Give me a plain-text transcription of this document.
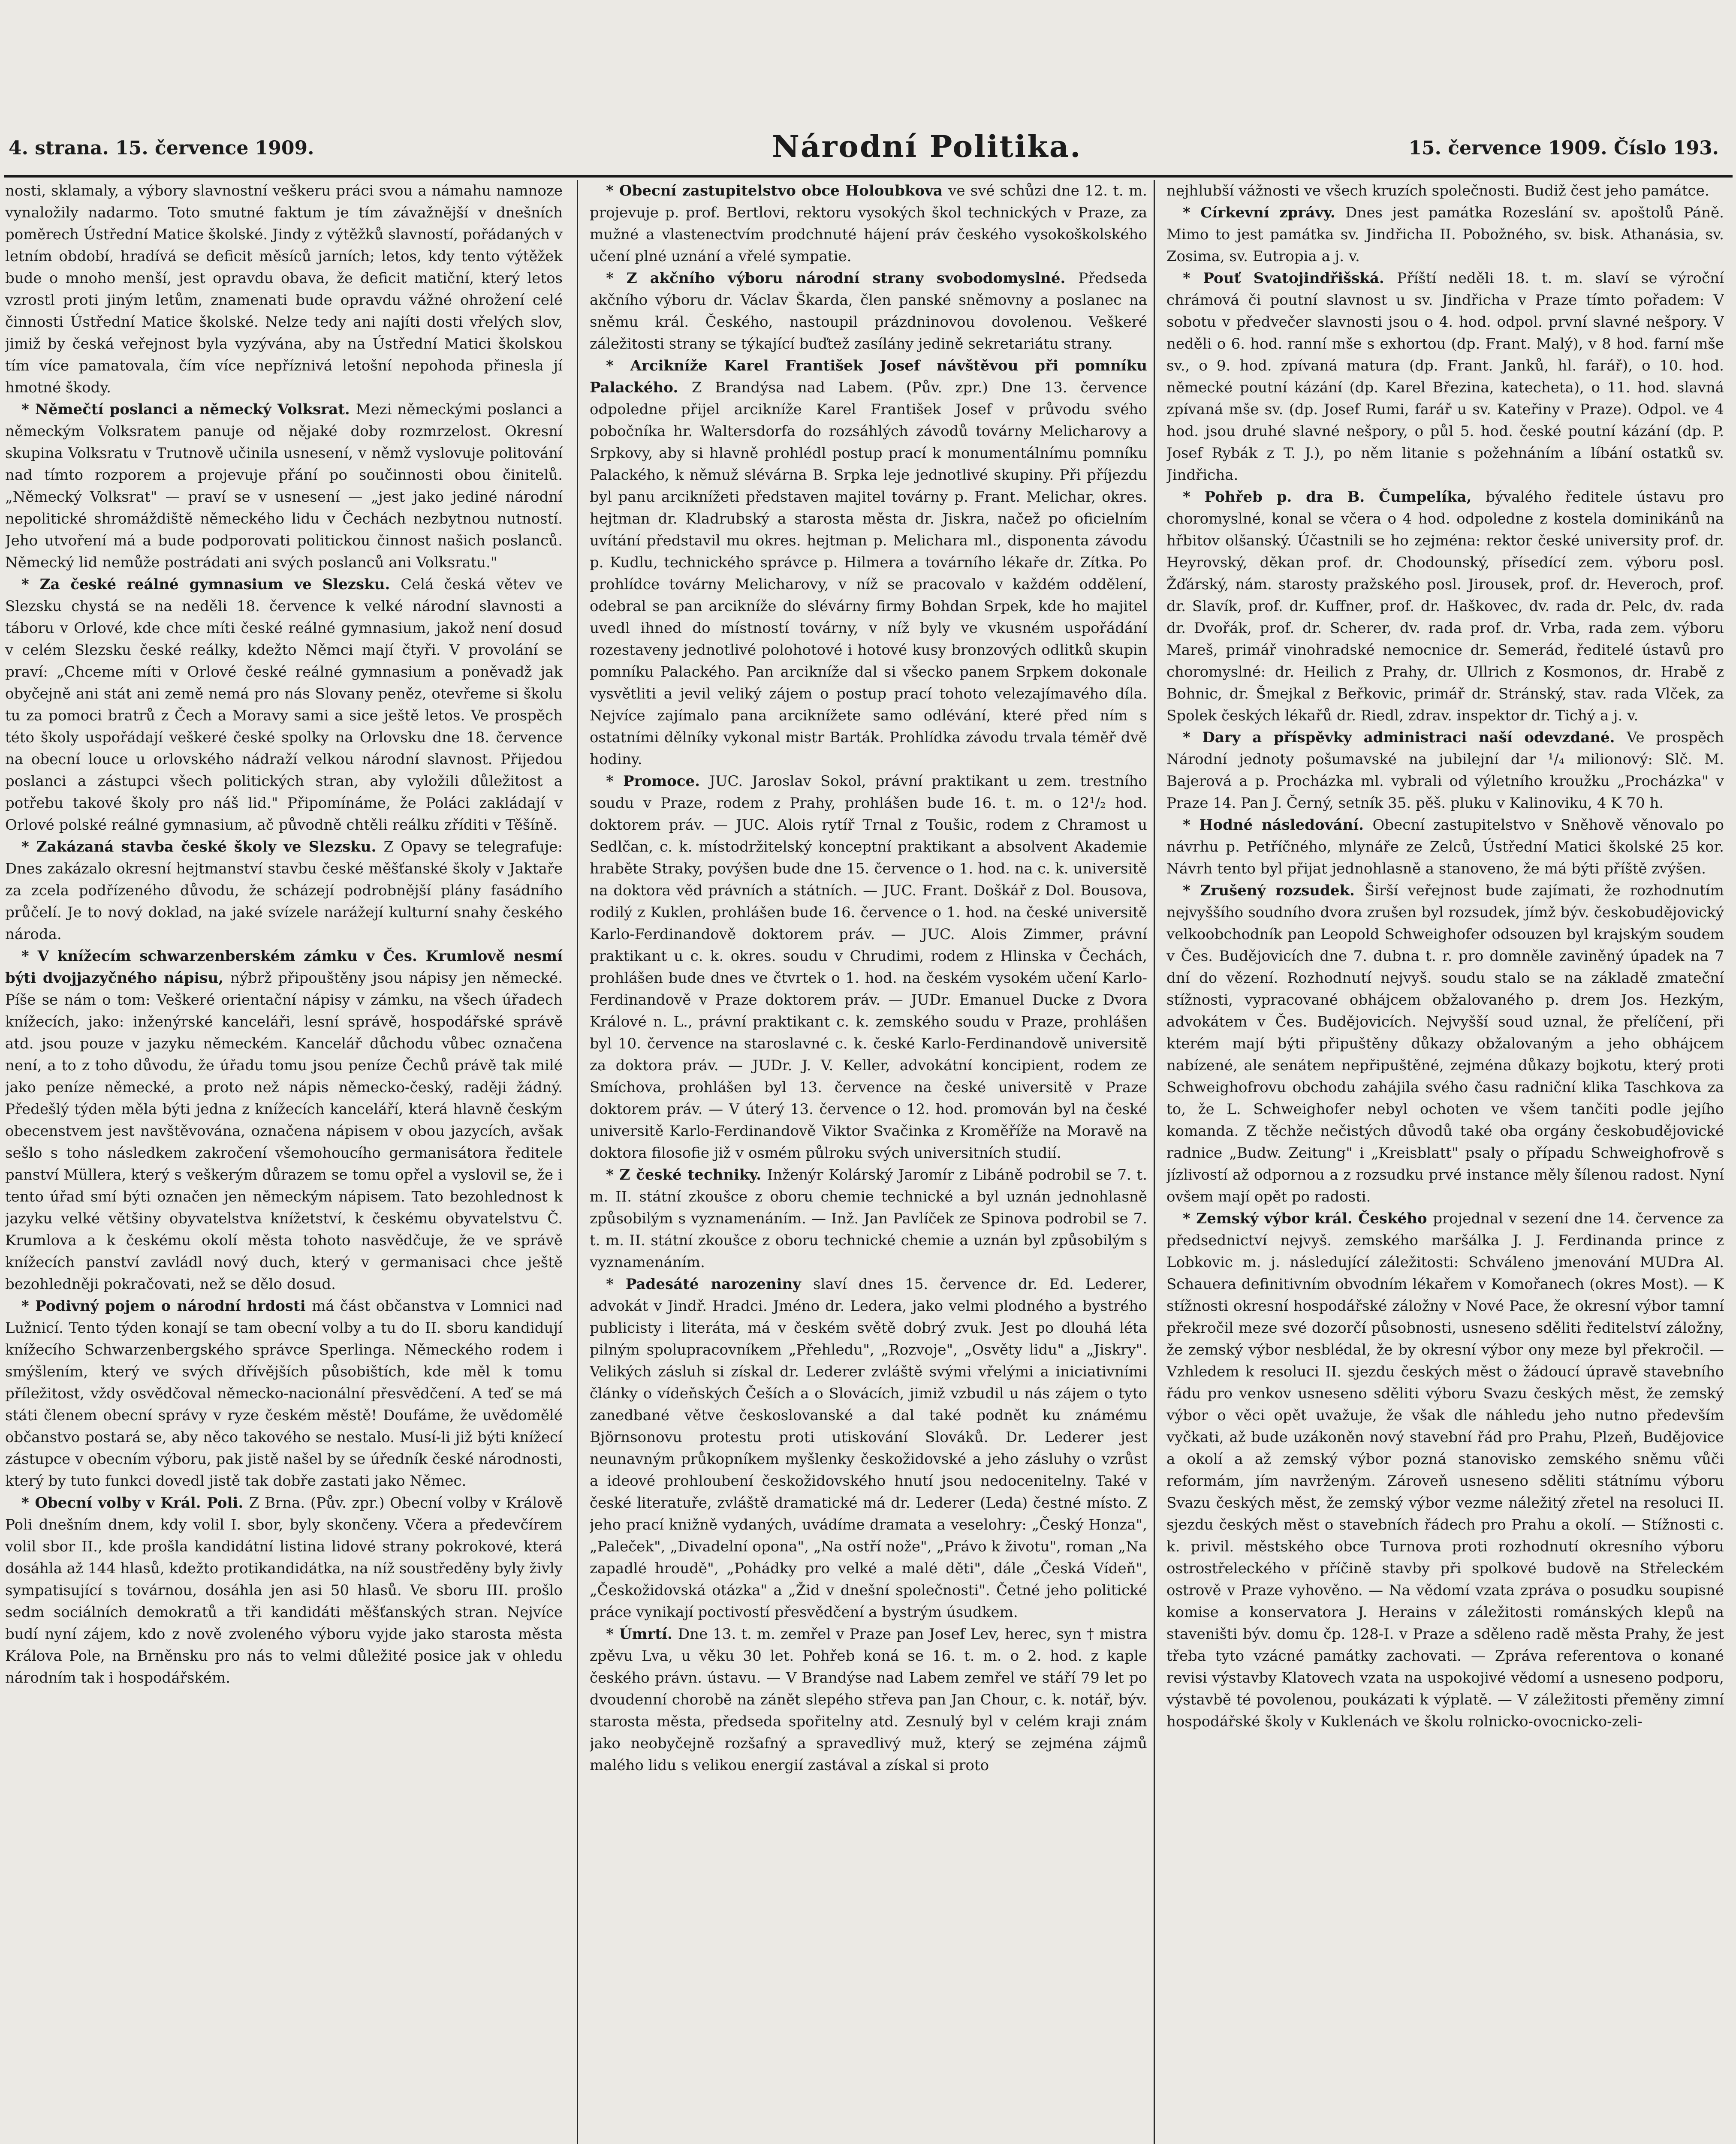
4. strana. 15. července 1909.	Národní Politika.	15. července 1909. Číslo 193.

nosti, sklamaly, a výbory slavnostní veškeru práci svou a námahu namnoze vynaložily nadarmo. Toto smutné faktum je tím závažnější v dnešních poměrech Ústřední Matice školské. Jindy z výtěžků slavností, pořádaných v letním období, hradívá se deficit měsíců jarních; letos, kdy tento výtěžek bude o mnoho menší, jest opravdu obava, že deficit matiční, který letos vzrostl proti jiným letům, znamenati bude opravdu vážné ohrožení celé činnosti Ústřední Matice školské. Nelze tedy ani najíti dosti vřelých slov, jimiž by česká veřejnost byla vyzývána, aby na Ústřední Matici školskou tím více pamatovala, čím více nepříznivá letošní nepohoda přinesla jí hmotné škody.

* Němečtí poslanci a německý Volksrat. Mezi německými poslanci a německým Volksratem panuje od nějaké doby rozmrzelost. Okresní skupina Volksratu v Trutnově učinila usnesení, v němž vyslovuje politování nad tímto rozporem a projevuje přání po součinnosti obou činitelů. „Německý Volksrat" — praví se v usnesení — „jest jako jediné národní nepolitické shromáždiště německého lidu v Čechách nezbytnou nutností. Jeho utvoření má a bude podporovati politickou činnost našich poslanců. Německý lid nemůže postrádati ani svých poslanců ani Volksratu."

* Za české reálné gymnasium ve Slezsku. Celá česká větev ve Slezsku chystá se na neděli 18. července k velké národní slavnosti a táboru v Orlové, kde chce míti české reálné gymnasium, jakož není dosud v celém Slezsku české reálky, kdežto Němci mají čtyři. V provolání se praví: „Chceme míti v Orlové české reálné gymnasium a poněvadž jak obyčejně ani stát ani země nemá pro nás Slovany peněz, otevřeme si školu tu za pomoci bratrů z Čech a Moravy sami a sice ještě letos. Ve prospěch této školy uspořádají veškeré české spolky na Orlovsku dne 18. července na obecní louce u orlovského nádraží velkou národní slavnost. Přijedou poslanci a zástupci všech politických stran, aby vyložili důležitost a potřebu takové školy pro náš lid." Připomínáme, že Poláci zakládají v Orlové polské reálné gymnasium, ač původně chtěli reálku zříditi v Těšíně.

* Zakázaná stavba české školy ve Slezsku. Z Opavy se telegrafuje: Dnes zakázalo okresní hejtmanství stavbu české měšťanské školy v Jaktaře za zcela podřízeného důvodu, že scházejí podrobnější plány fasádního průčelí. Je to nový doklad, na jaké svízele narážejí kulturní snahy českého národa.

* V knížecím schwarzenberském zámku v Čes. Krumlově nesmí býti dvojjazyčného nápisu, nýbrž připouštěny jsou nápisy jen německé. Píše se nám o tom: Veškeré orientační nápisy v zámku, na všech úřadech knížecích, jako: inženýrské kanceláři, lesní správě, hospodářské správě atd. jsou pouze v jazyku německém. Kancelář důchodu vůbec označena není, a to z toho důvodu, že úřadu tomu jsou peníze Čechů právě tak milé jako peníze německé, a proto než nápis německo-český, raději žádný. Předešlý týden měla býti jedna z knížecích kanceláří, která hlavně českým obecenstvem jest navštěvována, označena nápisem v obou jazycích, avšak sešlo s toho následkem zakročení všemohoucího germanisátora ředitele panství Müllera, který s veškerým důrazem se tomu opřel a vyslovil se, že i tento úřad smí býti označen jen německým nápisem. Tato bezohlednost k jazyku velké většiny obyvatelstva knížetství, k českému obyvatelstvu Č. Krumlova a k českému okolí města tohoto nasvědčuje, že ve správě knížecích panství zavládl nový duch, který v germanisaci chce ještě bezohledněji pokračovati, než se dělo dosud.

* Podivný pojem o národní hrdosti má část občanstva v Lomnici nad Lužnicí. Tento týden konají se tam obecní volby a tu do II. sboru kandidují knížecího Schwarzenbergského správce Sperlinga. Německého rodem i smýšlením, který ve svých dřívějších působištích, kde měl k tomu příležitost, vždy osvědčoval německo-nacionální přesvědčení. A teď se má státi členem obecní správy v ryze českém městě! Doufáme, že uvědomělé občanstvo postará se, aby něco takového se nestalo. Musí-li již býti knížecí zástupce v obecním výboru, pak jistě našel by se úředník české národnosti, který by tuto funkci dovedl jistě tak dobře zastati jako Němec.

* Obecní volby v Král. Poli. Z Brna. (Pův. zpr.) Obecní volby v Králově Poli dnešním dnem, kdy volil I. sbor, byly skončeny. Včera a předevčírem volil sbor II., kde prošla kandidátní listina lidové strany pokrokové, která dosáhla až 144 hlasů, kdežto protikandidátka, na níž soustředěny byly živly sympatisující s továrnou, dosáhla jen asi 50 hlasů. Ve sboru III. prošlo sedm sociálních demokratů a tři kandidáti měšťanských stran. Nejvíce budí nyní zájem, kdo z nově zvoleného výboru vyjde jako starosta města Králova Pole, na Brněnsku pro nás to velmi důležité posice jak v ohledu národním tak i hospodářském.

* Obecní zastupitelstvo obce Holoubkova ve své schůzi dne 12. t. m. projevuje p. prof. Bertlovi, rektoru vysokých škol technických v Praze, za mužné a vlastenectvím prodchnuté hájení práv českého vysokoškolského učení plné uznání a vřelé sympatie.

* Z akčního výboru národní strany svobodomyslné. Předseda akčního výboru dr. Václav Škarda, člen panské sněmovny a poslanec na sněmu král. Českého, nastoupil prázdninovou dovolenou. Veškeré záležitosti strany se týkající buďtež zasílány jedině sekretariátu strany.

* Arcikníže Karel František Josef návštěvou při pomníku Palackého. Z Brandýsa nad Labem. (Pův. zpr.) Dne 13. července odpoledne přijel arcikníže Karel František Josef v průvodu svého pobočníka hr. Waltersdorfa do rozsáhlých závodů továrny Melicharovy a Srpkovy, aby si hlavně prohlédl postup prací k monumentálnímu pomníku Palackého, k němuž slévárna B. Srpka leje jednotlivé skupiny. Při příjezdu byl panu arciknížeti představen majitel továrny p. Frant. Melichar, okres. hejtman dr. Kladrubský a starosta města dr. Jiskra, načež po oficielním uvítání představil mu okres. hejtman p. Melichara ml., disponenta závodu p. Kudlu, technického správce p. Hilmera a továrního lékaře dr. Zítka. Po prohlídce továrny Melicharovy, v níž se pracovalo v každém oddělení, odebral se pan arcikníže do slévárny firmy Bohdan Srpek, kde ho majitel uvedl ihned do místností továrny, v níž byly ve vkusném uspořádání rozestaveny jednotlivé polohotové i hotové kusy bronzových odlitků skupin pomníku Palackého. Pan arcikníže dal si všecko panem Srpkem dokonale vysvětliti a jevil veliký zájem o postup prací tohoto velezajímavého díla. Nejvíce zajímalo pana arciknížete samo odlévání, které před ním s ostatními dělníky vykonal mistr Barták. Prohlídka závodu trvala téměř dvě hodiny.

* Promoce. JUC. Jaroslav Sokol, právní praktikant u zem. trestního soudu v Praze, rodem z Prahy, prohlášen bude 16. t. m. o 12¹/₂ hod. doktorem práv. — JUC. Alois rytíř Trnal z Toušic, rodem z Chramost u Sedlčan, c. k. místodržitelský konceptní praktikant a absolvent Akademie hraběte Straky, povýšen bude dne 15. července o 1. hod. na c. k. universitě na doktora věd právních a státních. — JUC. Frant. Doškář z Dol. Bousova, rodilý z Kuklen, prohlášen bude 16. července o 1. hod. na české universitě Karlo-Ferdinandově doktorem práv. — JUC. Alois Zimmer, právní praktikant u c. k. okres. soudu v Chrudimi, rodem z Hlinska v Čechách, prohlášen bude dnes ve čtvrtek o 1. hod. na českém vysokém učení Karlo-Ferdinandově v Praze doktorem práv. — JUDr. Emanuel Ducke z Dvora Králové n. L., právní praktikant c. k. zemského soudu v Praze, prohlášen byl 10. července na staroslavné c. k. české Karlo-Ferdinandově universitě za doktora práv. — JUDr. J. V. Keller, advokátní koncipient, rodem ze Smíchova, prohlášen byl 13. července na české universitě v Praze doktorem práv. — V úterý 13. července o 12. hod. promován byl na české universitě Karlo-Ferdinandově Viktor Svačinka z Kroměříže na Moravě na doktora filosofie již v osmém půlroku svých universitních studií.

* Z české techniky. Inženýr Kolárský Jaromír z Libáně podrobil se 7. t. m. II. státní zkoušce z oboru chemie technické a byl uznán jednohlasně způsobilým s vyznamenáním. — Inž. Jan Pavlíček ze Spinova podrobil se 7. t. m. II. státní zkoušce z oboru technické chemie a uznán byl způsobilým s vyznamenáním.

* Padesáté narozeniny slaví dnes 15. července dr. Ed. Lederer, advokát v Jindř. Hradci. Jméno dr. Ledera, jako velmi plodného a bystrého publicisty i literáta, má v českém světě dobrý zvuk. Jest po dlouhá léta pilným spolupracovníkem „Přehledu", „Rozvoje", „Osvěty lidu" a „Jiskry". Velikých zásluh si získal dr. Lederer zvláště svými vřelými a iniciativními články o vídeňských Češích a o Slovácích, jimiž vzbudil u nás zájem o tyto zanedbané větve českoslovanské a dal také podnět ku známému Björnsonovu protestu proti utiskování Slováků. Dr. Lederer jest neunavným průkopníkem myšlenky českožidovské a jeho zásluhy o vzrůst a ideové prohloubení českožidovského hnutí jsou nedocenitelny. Také v české literatuře, zvláště dramatické má dr. Lederer (Leda) čestné místo. Z jeho prací knižně vydaných, uvádíme dramata a veselohry: „Český Honza", „Paleček", „Divadelní opona", „Na ostří nože", „Právo k životu", roman „Na zapadlé hroudě", „Pohádky pro velké a malé děti", dále „Česká Vídeň", „Českožidovská otázka" a „Žid v dnešní společnosti". Četné jeho politické práce vynikají poctivostí přesvědčení a bystrým úsudkem.

* Úmrtí. Dne 13. t. m. zemřel v Praze pan Josef Lev, herec, syn † mistra zpěvu Lva, u věku 30 let. Pohřeb koná se 16. t. m. o 2. hod. z kaple českého právn. ústavu. — V Brandýse nad Labem zemřel ve stáří 79 let po dvoudenní chorobě na zánět slepého střeva pan Jan Chour, c. k. notář, býv. starosta města, předseda spořitelny atd. Zesnulý byl v celém kraji znám jako neobyčejně rozšafný a spravedlivý muž, který se zejména zájmů malého lidu s velikou energií zastával a získal si proto

nejhlubší vážnosti ve všech kruzích společnosti. Budiž čest jeho památce.

* Církevní zprávy. Dnes jest památka Rozeslání sv. apoštolů Páně. Mimo to jest památka sv. Jindřicha II. Pobožného, sv. bisk. Athanásia, sv. Zosima, sv. Eutropia a j. v.

* Pouť Svatojindřišská. Příští neděli 18. t. m. slaví se výroční chrámová či poutní slavnost u sv. Jindřicha v Praze tímto pořadem: V sobotu v předvečer slavnosti jsou o 4. hod. odpol. první slavné nešpory. V neděli o 6. hod. ranní mše s exhortou (dp. Frant. Malý), v 8 hod. farní mše sv., o 9. hod. zpívaná matura (dp. Frant. Janků, hl. farář), o 10. hod. německé poutní kázání (dp. Karel Březina, katecheta), o 11. hod. slavná zpívaná mše sv. (dp. Josef Rumi, farář u sv. Kateřiny v Praze). Odpol. ve 4 hod. jsou druhé slavné nešpory, o půl 5. hod. české poutní kázání (dp. P. Josef Rybák z T. J.), po něm litanie s požehnáním a líbání ostatků sv. Jindřicha.

* Pohřeb p. dra B. Čumpelíka, bývalého ředitele ústavu pro choromyslné, konal se včera o 4 hod. odpoledne z kostela dominikánů na hřbitov olšanský. Účastnili se ho zejména: rektor české university prof. dr. Heyrovský, děkan prof. dr. Chodounský, přísedící zem. výboru posl. Žďárský, nám. starosty pražského posl. Jirousek, prof. dr. Heveroch, prof. dr. Slavík, prof. dr. Kuffner, prof. dr. Haškovec, dv. rada dr. Pelc, dv. rada dr. Dvořák, prof. dr. Scherer, dv. rada prof. dr. Vrba, rada zem. výboru Mareš, primář vinohradské nemocnice dr. Semerád, ředitelé ústavů pro choromyslné: dr. Heilich z Prahy, dr. Ullrich z Kosmonos, dr. Hrabě z Bohnic, dr. Šmejkal z Beřkovic, primář dr. Stránský, stav. rada Vlček, za Spolek českých lékařů dr. Riedl, zdrav. inspektor dr. Tichý a j. v.

* Dary a příspěvky administraci naší odevzdané. Ve prospěch Národní jednoty pošumavské na jubilejní dar ¹/₄ milionový: Slč. M. Bajerová a p. Procházka ml. vybrali od výletního kroužku „Procházka" v Praze 14. Pan J. Černý, setník 35. pěš. pluku v Kalinoviku, 4 K 70 h.

* Hodné následování. Obecní zastupitelstvo v Sněhově věnovalo po návrhu p. Petříčného, mlynáře ze Zelců, Ústřední Matici školské 25 kor. Návrh tento byl přijat jednohlasně a stanoveno, že má býti příště zvýšen.

* Zrušený rozsudek. Širší veřejnost bude zajímati, že rozhodnutím nejvyššího soudního dvora zrušen byl rozsudek, jímž býv. českobudějovický velkoobchodník pan Leopold Schweighofer odsouzen byl krajským soudem v Čes. Budějovicích dne 7. dubna t. r. pro domněle zaviněný úpadek na 7 dní do vězení. Rozhodnutí nejvyš. soudu stalo se na základě zmateční stížnosti, vypracované obhájcem obžalovaného p. drem Jos. Hezkým, advokátem v Čes. Budějovicích. Nejvyšší soud uznal, že přelíčení, při kterém mají býti připuštěny důkazy obžalovaným a jeho obhájcem nabízené, ale senátem nepřipuštěné, zejména důkazy bojkotu, který proti Schweighofrovu obchodu zahájila svého času radniční klika Taschkova za to, že L. Schweighofer nebyl ochoten ve všem tančiti podle jejího komanda. Z těchže nečistých důvodů také oba orgány českobudějovické radnice „Budw. Zeitung" i „Kreisblatt" psaly o případu Schweighofrově s jízlivostí až odpornou a z rozsudku prvé instance měly šílenou radost. Nyní ovšem mají opět po radosti.

* Zemský výbor král. Českého projednal v sezení dne 14. července za předsednictví nejvyš. zemského maršálka J. J. Ferdinanda prince z Lobkovic m. j. následující záležitosti: Schváleno jmenování MUDra Al. Schauera definitivním obvodním lékařem v Komořanech (okres Most). — K stížnosti okresní hospodářské záložny v Nové Pace, že okresní výbor tamní překročil meze své dozorčí působnosti, usneseno sděliti ředitelství záložny, že zemský výbor nesblédal, že by okresní výbor ony meze byl překročil. — Vzhledem k resoluci II. sjezdu českých měst o žádoucí úpravě stavebního řádu pro venkov usneseno sděliti výboru Svazu českých měst, že zemský výbor o věci opět uvažuje, že však dle náhledu jeho nutno především vyčkati, až bude uzákoněn nový stavební řád pro Prahu, Plzeň, Budějovice a okolí a až zemský výbor pozná stanovisko zemského sněmu vůči reformám, jím navrženým. Zároveň usneseno sděliti státnímu výboru Svazu českých měst, že zemský výbor vezme náležitý zřetel na resoluci II. sjezdu českých měst o stavebních řádech pro Prahu a okolí. — Stížnosti c. k. privil. městského obce Turnova proti rozhodnutí okresního výboru ostrostřeleckého v příčině stavby při spolkové budově na Střeleckém ostrově v Praze vyhověno. — Na vědomí vzata zpráva o posudku soupisné komise a konservatora J. Herains v záležitosti románských klepů na staveništi býv. domu čp. 128-I. v Praze a sděleno radě města Prahy, že jest třeba tyto vzácné památky zachovati. — Zpráva referentova o konané revisi výstavby Klatovech vzata na uspokojivé vědomí a usneseno podporu, výstavbě té povolenou, poukázati k výplatě. — V záležitosti přeměny zimní hospodářské školy v Kuklenách ve školu rolnicko-ovocnicko-zeli-
